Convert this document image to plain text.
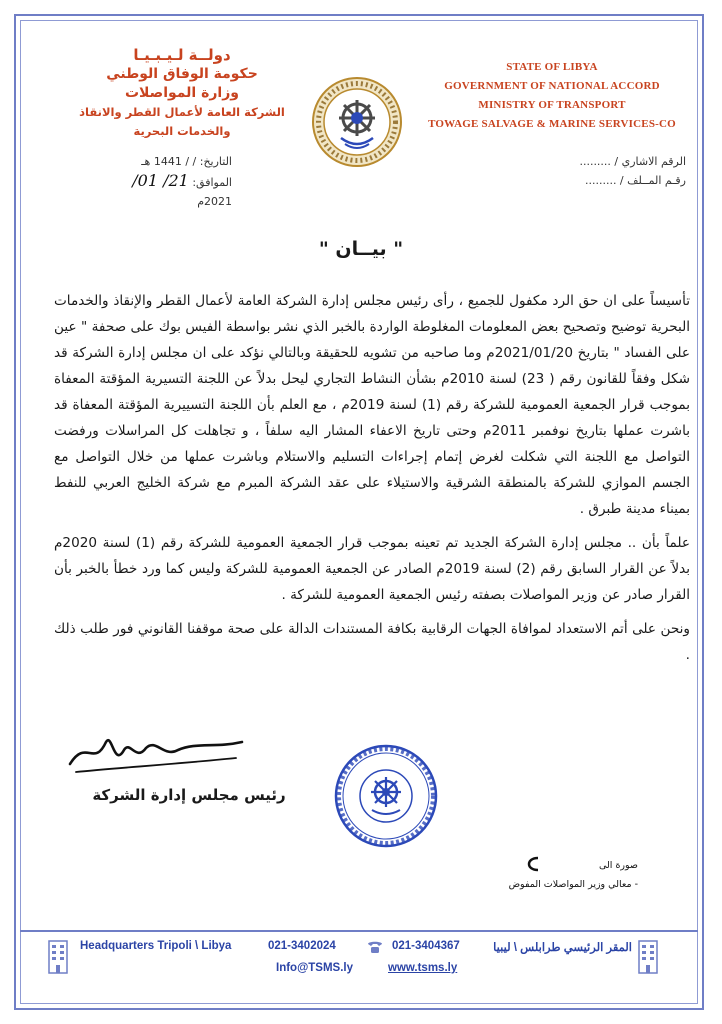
دولــة لـيـبـيـا
حكومة الوفاق الوطني
وزارة المواصلات
الشركة العامة لأعمال القطر والانقاذ والخدمات البحرية
STATE OF LIBYA
GOVERNMENT OF NATIONAL ACCORD
MINISTRY OF TRANSPORT
TOWAGE SALVAGE & MARINE SERVICES-CO
التاريخ: / / 1441 هـ
الموافق: 21/ 01/ 2021م
الرقم الاشاري / .........
رقـم المــلف / .........
" بيــان "

تأسيساً على ان حق الرد مكفول للجميع ، رأى رئيس مجلس إدارة الشركة العامة لأعمال القطر والإنقاذ والخدمات البحرية توضيح وتصحيح بعض المعلومات المغلوطة الواردة بالخبر الذي نشر بواسطة الفيس بوك على صحفة " عين على الفساد " بتاريخ 2021/01/20م وما صاحبه من تشويه للحقيقة وبالتالي نؤكد على ان مجلس إدارة الشركة قد شكل وفقاً للقانون رقم ( 23) لسنة 2010م بشأن النشاط التجاري ليحل بدلاً عن اللجنة التسيرية المؤقتة المعفاة بموجب قرار الجمعية العمومية للشركة رقم (1) لسنة 2019م ، مع العلم بأن اللجنة التسييرية المؤقتة المعفاة قد باشرت عملها بتاريخ نوفمبر 2011م وحتى تاريخ الاعفاء المشار اليه سلفاً ، و تجاهلت كل المراسلات ورفضت التواصل مع اللجنة التي شكلت لغرض إتمام إجراءات التسليم والاستلام وباشرت عملها من خلال التواصل مع الجسم الموازي للشركة بالمنطقة الشرقية والاستيلاء على عقد الشركة المبرم مع شركة الخليج العربي للنفط بميناء مدينة طبرق .

علماً بأن .. مجلس إدارة الشركة الجديد تم تعينه بموجب قرار الجمعية العمومية للشركة رقم (1) لسنة 2020م بدلاً عن القرار السابق رقم (2) لسنة 2019م الصادر عن الجمعية العمومية للشركة وليس كما ورد خطأ بالخبر بأن القرار صادر عن وزير المواصلات بصفته رئيس الجمعية العمومية للشركة .

ونحن على أتم الاستعداد لموافاة الجهات الرقابية بكافة المستندات الدالة على صحة موقفنا القانوني فور طلب ذلك .

رئيس مجلس إدارة الشركة
صورة الى
- معالي وزير المواصلات المفوض
Headquarters Tripoli \ Libya	021-3402024	021-3404367	المقر الرئيسي طرابلس \ ليبيا
Info@TSMS.ly	www.tsms.ly
